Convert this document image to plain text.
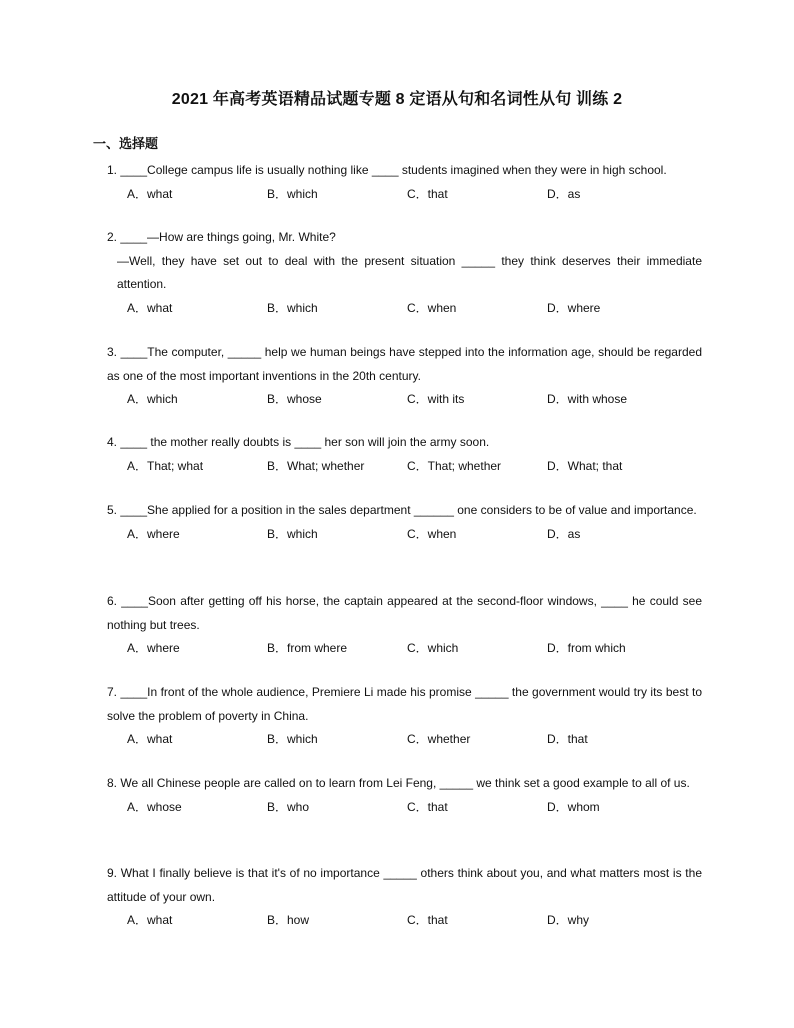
2021 年高考英语精品试题专题 8 定语从句和名词性从句 训练 2
一、选择题
1. ____College campus life is usually nothing like ____ students imagined when they were in high school.
A．what	B．which	C．that	D．as
2. ____—How are things going, Mr. White?
—Well, they have set out to deal with the present situation _____ they think deserves their immediate attention.
A．what	B．which	C．when	D．where
3. ____The computer, _____ help we human beings have stepped into the information age, should be regarded as one of the most important inventions in the 20th century.
A．which	B．whose	C．with its	D．with whose
4. ____ the mother really doubts is ____ her son will join the army soon.
A．That; what	B．What; whether	C．That; whether	D．What; that
5. ____She applied for a position in the sales department ______ one considers to be of value and importance.
A．where	B．which	C．when	D．as
6. ____Soon after getting off his horse, the captain appeared at the second-floor windows, ____ he could see nothing but trees.
A．where	B．from where	C．which	D．from which
7. ____In front of the whole audience, Premiere Li made his promise _____ the government would try its best to solve the problem of poverty in China.
A．what	B．which	C．whether	D．that
8. We all Chinese people are called on to learn from Lei Feng, _____ we think set a good example to all of us.
A．whose	B．who	C．that	D．whom
9. What I finally believe is that it's of no importance _____ others think about you, and what matters most is the attitude of your own.
A．what	B．how	C．that	D．why
